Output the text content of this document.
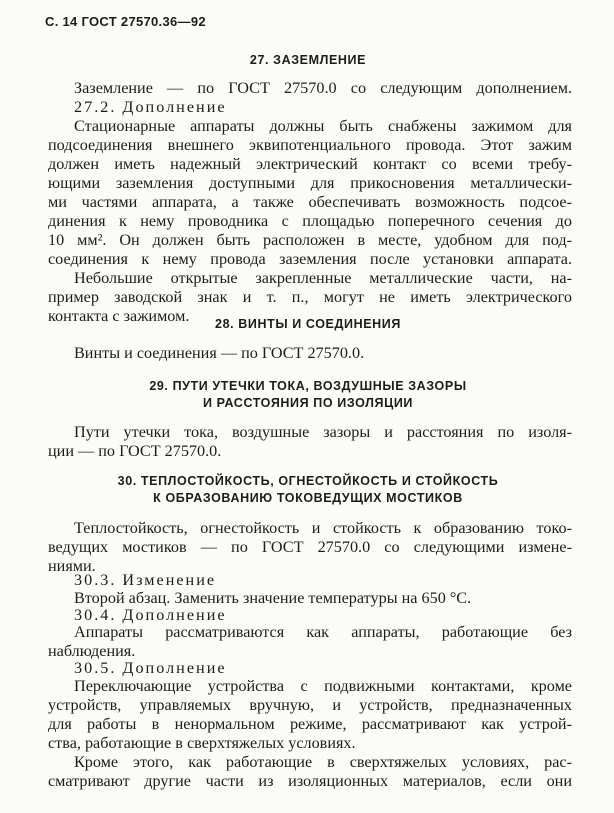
С. 14 ГОСТ 27570.36—92
27. ЗАЗЕМЛЕНИЕ
Заземление — по ГОСТ 27570.0 со следующим дополнением.
27.2. Дополнение
Стационарные аппараты должны быть снабжены зажимом для
подсоединения внешнего эквипотенциального провода. Этот зажим
должен иметь надежный электрический контакт со всеми требу-
ющими заземления доступными для прикосновения металлически-
ми частями аппарата, а также обеспечивать возможность подсое-
динения к нему проводника с площадью поперечного сечения до
10 мм². Он должен быть расположен в месте, удобном для под-
соединения к нему провода заземления после установки аппарата.
Небольшие открытые закрепленные металлические части, на-
пример заводской знак и т. п., могут не иметь электрического
контакта с зажимом.	28. ВИНТЫ И СОЕДИНЕНИЯ
Винты и соединения — по ГОСТ 27570.0.
29. ПУТИ УТЕЧКИ ТОКА, ВОЗДУШНЫЕ ЗАЗОРЫ
И РАССТОЯНИЯ ПО ИЗОЛЯЦИИ
Пути утечки тока, воздушные зазоры и расстояния по изоля-
ции — по ГОСТ 27570.0.
30. ТЕПЛОСТОЙКОСТЬ, ОГНЕСТОЙКОСТЬ И СТОЙКОСТЬ
К ОБРАЗОВАНИЮ ТОКОВЕДУЩИХ МОСТИКОВ
Теплостойкость, огнестойкость и стойкость к образованию токо-
ведущих мостиков — по ГОСТ 27570.0 со следующими измене-
ниями.
30.3. Изменение
Второй абзац. Заменить значение температуры на 650 °С.
30.4. Дополнение
Аппараты рассматриваются как аппараты, работающие без
наблюдения.
30.5. Дополнение
Переключающие устройства с подвижными контактами, кроме
устройств, управляемых вручную, и устройств, предназначенных
для работы в ненормальном режиме, рассматривают как устрой-
ства, работающие в сверхтяжелых условиях.
Кроме этого, как работающие в сверхтяжелых условиях, рас-
сматривают другие части из изоляционных материалов, если они
